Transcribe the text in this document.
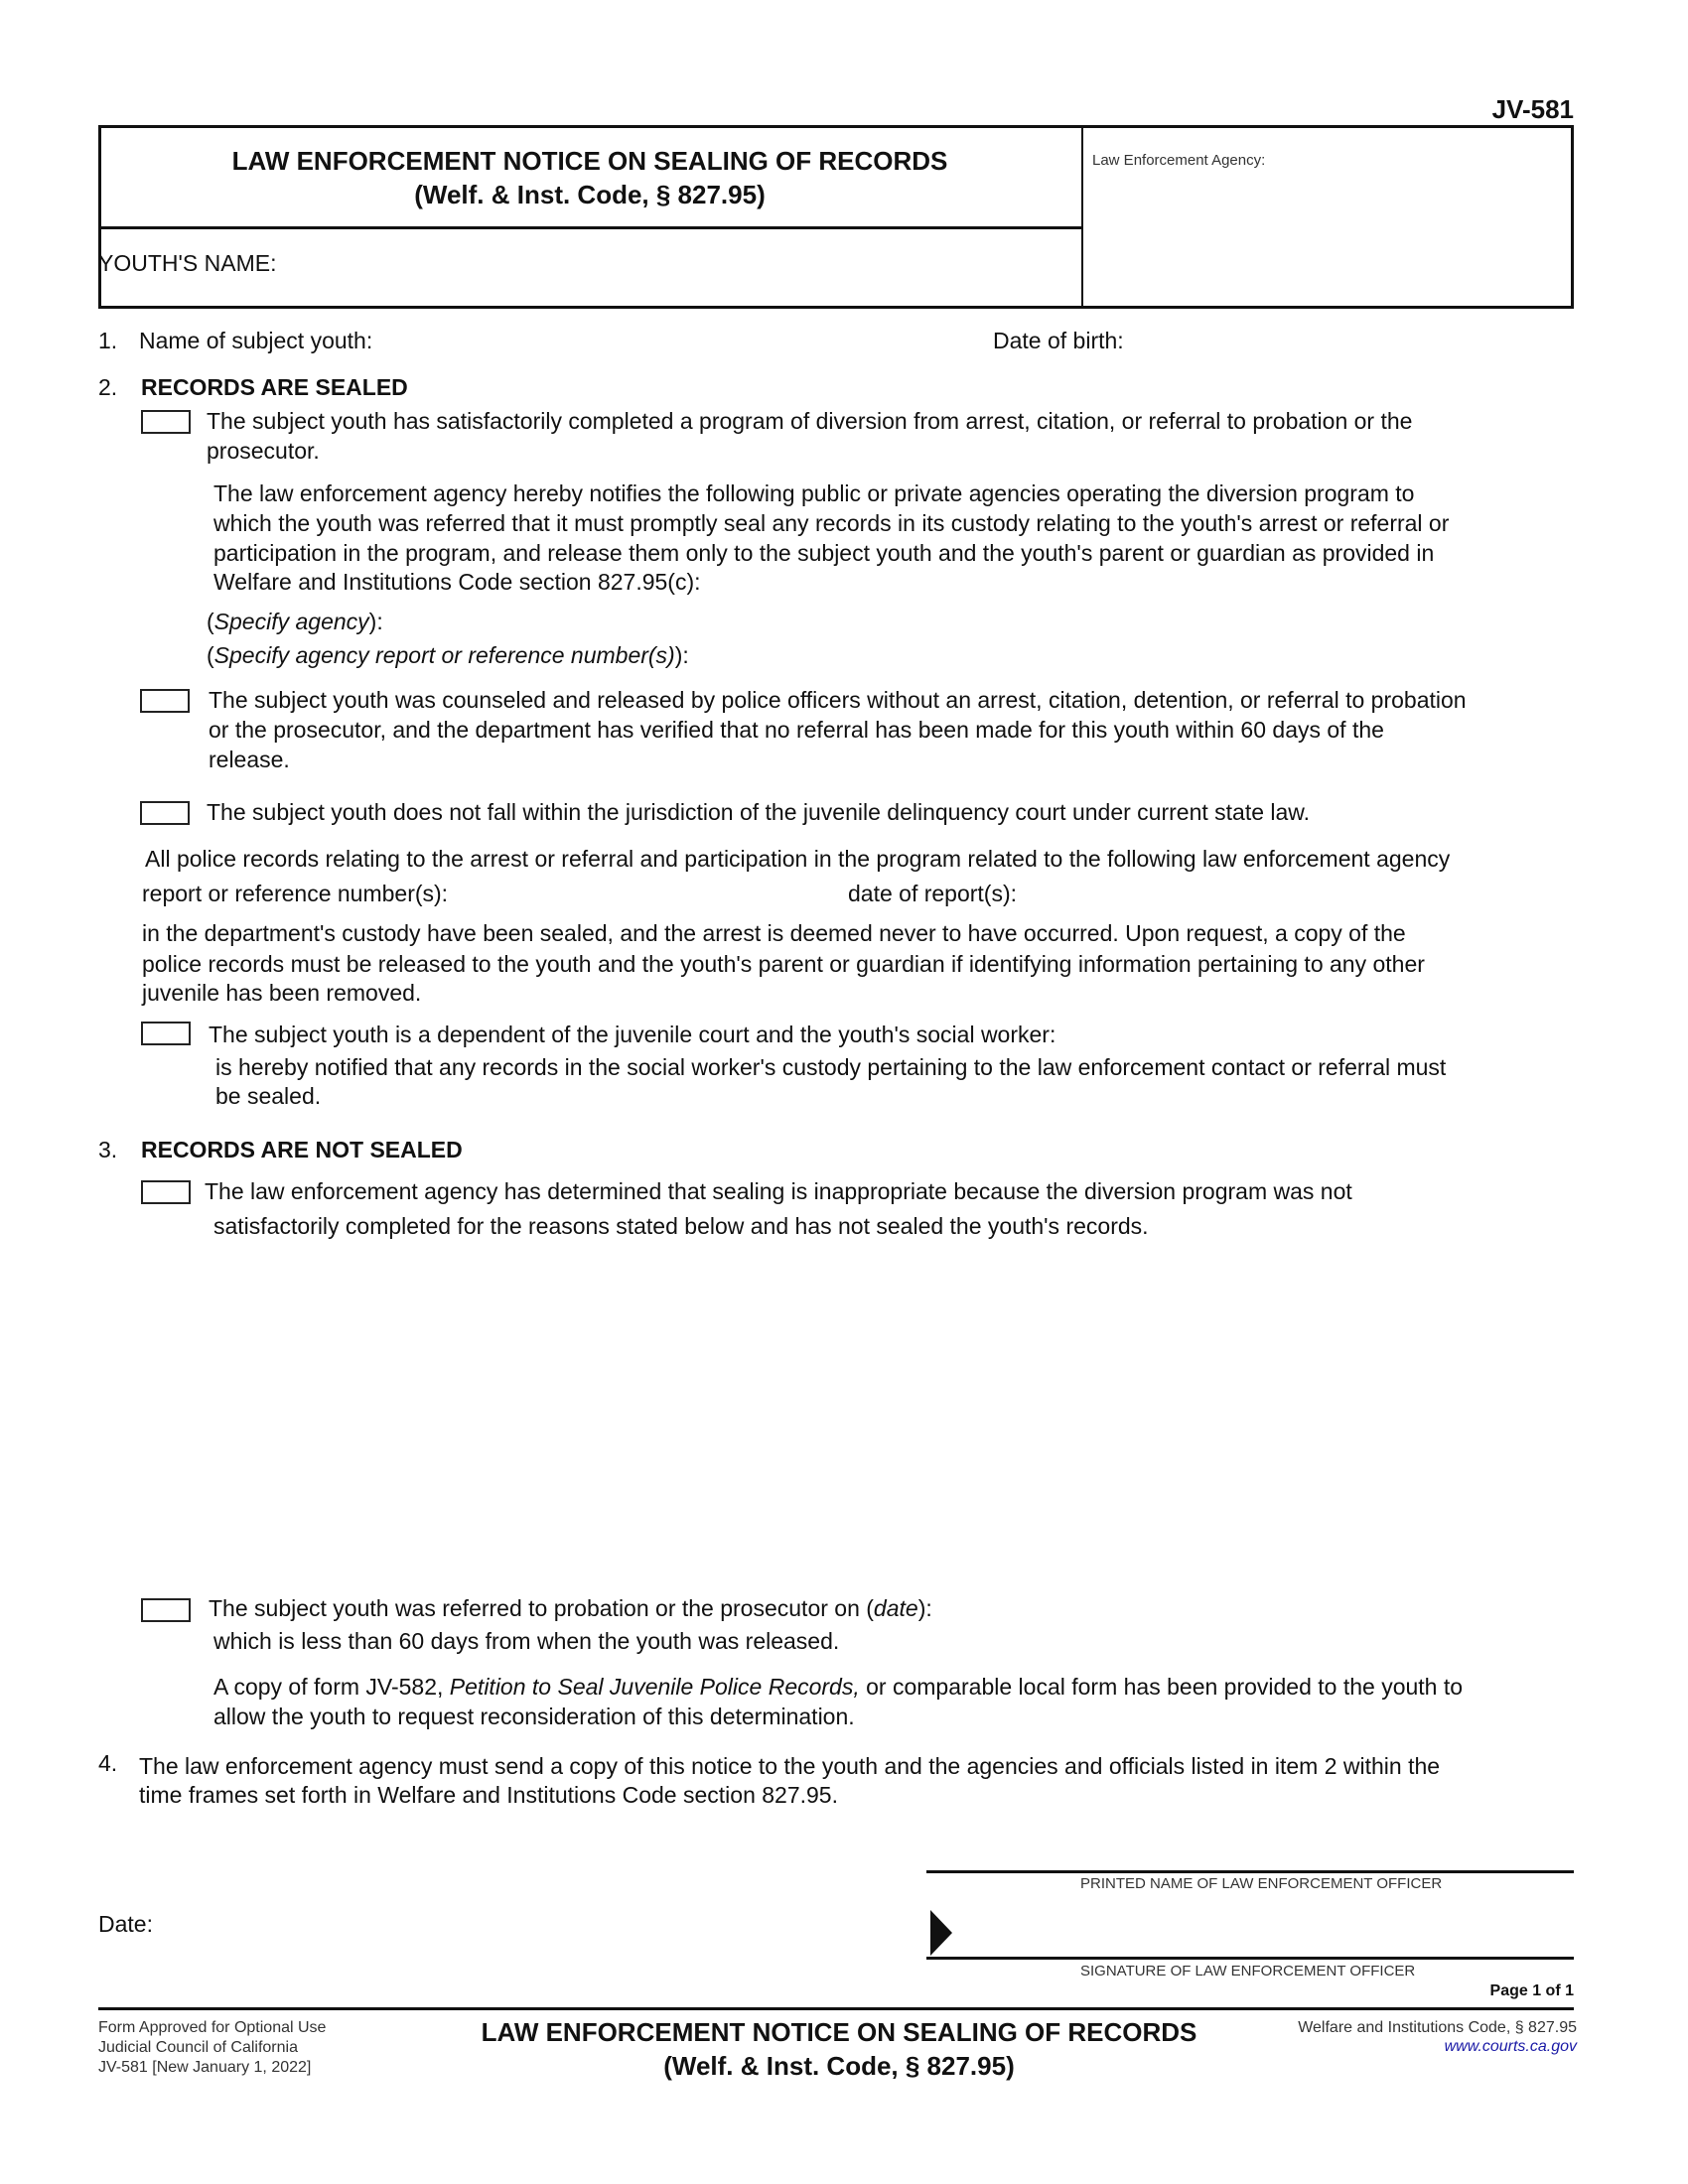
JV-581
LAW ENFORCEMENT NOTICE ON SEALING OF RECORDS
(Welf. & Inst. Code, § 827.95)
Law Enforcement Agency:
YOUTH'S NAME:
1. Name of subject youth:	Date of birth:
2. RECORDS ARE SEALED
The subject youth has satisfactorily completed a program of diversion from arrest, citation, or referral to probation or the
prosecutor.
The law enforcement agency hereby notifies the following public or private agencies operating the diversion program to
which the youth was referred that it must promptly seal any records in its custody relating to the youth's arrest or referral or
participation in the program, and release them only to the subject youth and the youth's parent or guardian as provided in
Welfare and Institutions Code section 827.95(c):
(Specify agency):
(Specify agency report or reference number(s)):
The subject youth was counseled and released by police officers without an arrest, citation, detention, or referral to probation
or the prosecutor, and the department has verified that no referral has been made for this youth within 60 days of the
release.
The subject youth does not fall within the jurisdiction of the juvenile delinquency court under current state law.
All police records relating to the arrest or referral and participation in the program related to the following law enforcement agency
report or reference number(s):	date of report(s):
in the department's custody have been sealed, and the arrest is deemed never to have occurred. Upon request, a copy of the
police records must be released to the youth and the youth's parent or guardian if identifying information pertaining to any other
juvenile has been removed.
The subject youth is a dependent of the juvenile court and the youth's social worker:
is hereby notified that any records in the social worker's custody pertaining to the law enforcement contact or referral must
be sealed.
3. RECORDS ARE NOT SEALED
The law enforcement agency has determined that sealing is inappropriate because the diversion program was not
satisfactorily completed for the reasons stated below and has not sealed the youth's records.
The subject youth was referred to probation or the prosecutor on (date):
which is less than 60 days from when the youth was released.
A copy of form JV-582, Petition to Seal Juvenile Police Records, or comparable local form has been provided to the youth to
allow the youth to request reconsideration of this determination.
4. The law enforcement agency must send a copy of this notice to the youth and the agencies and officials listed in item 2 within the
time frames set forth in Welfare and Institutions Code section 827.95.
PRINTED NAME OF LAW ENFORCEMENT OFFICER
Date:
SIGNATURE OF LAW ENFORCEMENT OFFICER
Page 1 of 1
Form Approved for Optional Use
Judicial Council of California
JV-581 [New January 1, 2022]
LAW ENFORCEMENT NOTICE ON SEALING OF RECORDS
(Welf. & Inst. Code, § 827.95)
Welfare and Institutions Code, § 827.95
www.courts.ca.gov
